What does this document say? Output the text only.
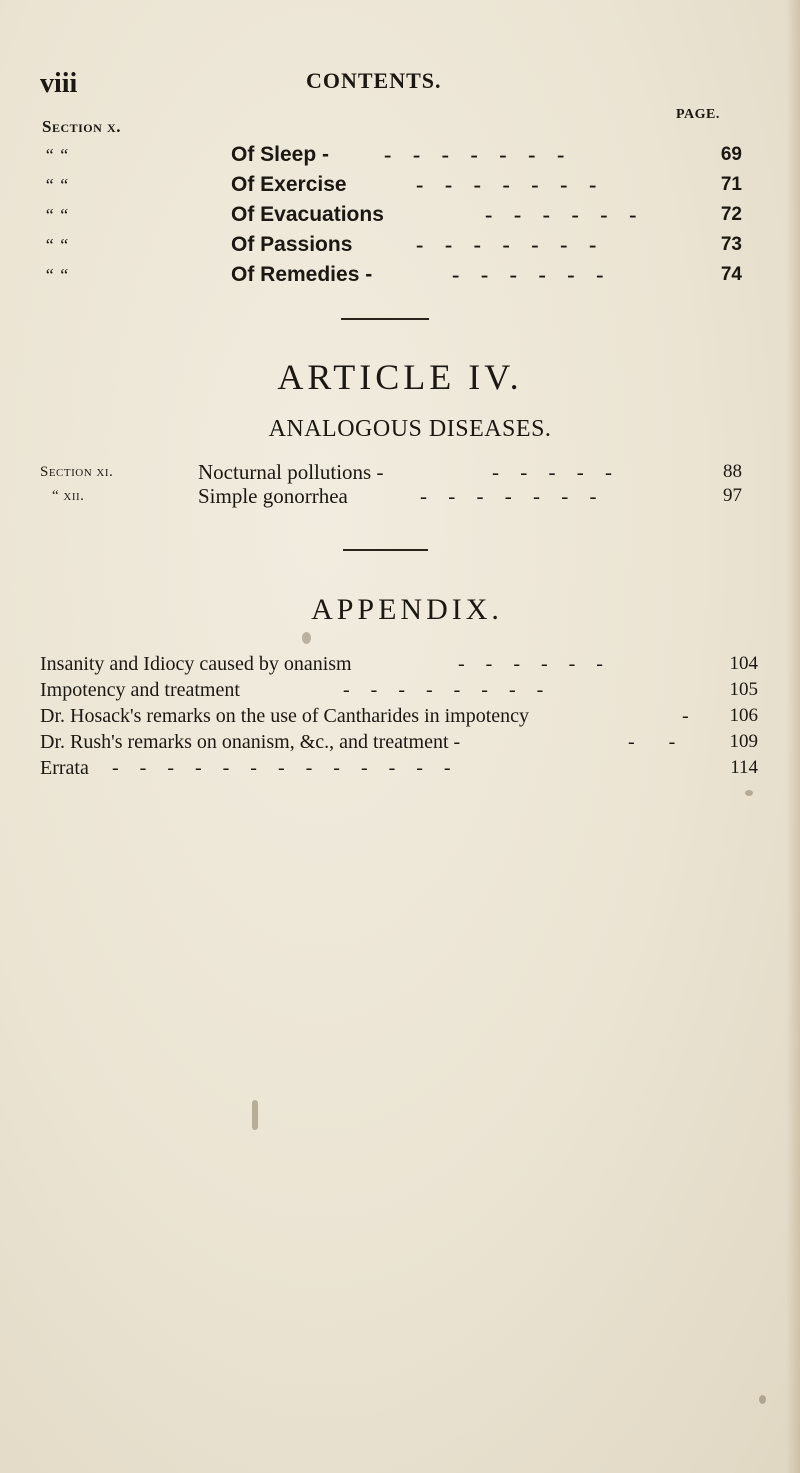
viii	CONTENTS.
Section x.
PAGE.
“ “	Of Sleep - - - - - - - -	69
“ “	Of Exercise	- - - - - - -	71
“ “	Of Evacuations	- - - - - -	72
“ “	Of Passions	- - - - - - -	73
“ “	Of Remedies -	- - - - - -	74
ARTICLE IV.
ANALOGOUS DISEASES.
Section xi.	Nocturnal pollutions -	- - - - -	88
“ xii.	Simple gonorrhea	- - - - - - -	97
APPENDIX.
Insanity and Idiocy caused by onanism	- - - - - -	104
Impotency and treatment	- - - - - - - -	105
Dr. Hosack's remarks on the use of Cantharides in impotency	- 106
Dr. Rush's remarks on onanism, &c., and treatment -	-  - 109
Errata - - - - - - - - - - - - -	114
